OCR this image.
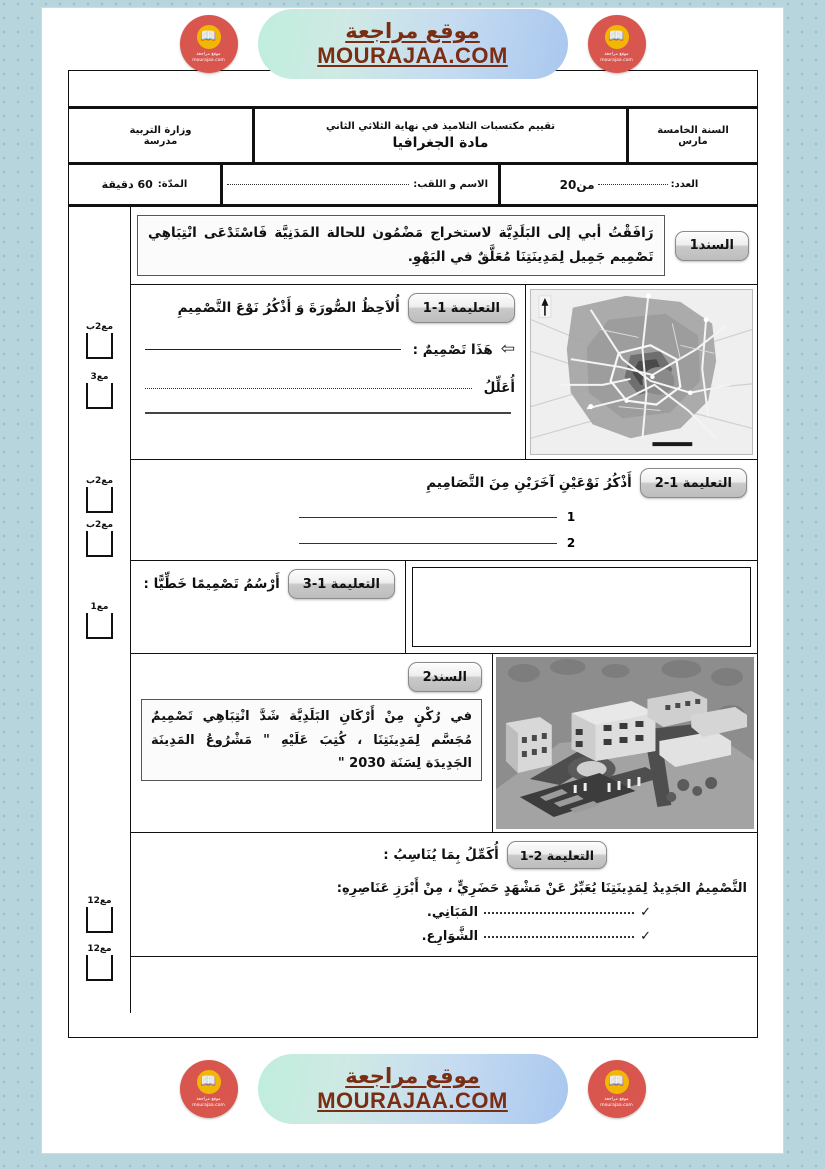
السنة الخامسة
مارس
تقييم مكتسبات التلاميذ في نهاية الثلاثي الثاني
مادة الجغرافيا
وزارة التربية
مدرسة
العدد:
من20
الاسم و اللقب:
المدّة:
60 دقيقة
السند1
رَافَقْتُ أبي إلى البَلَدِيَّة لاستخراج مَضْمُون للحالة المَدَنِيَّة فَاسْتَدْعَى انْتِبَاهِي تَصْمِيم جَمِيل لِمَدِينَتِنَا مُعَلَّقٌ في البَهْوِ.
التعليمة 1-1
أُلاَحِظُ الصُّورَةَ وَ أَذْكُرُ نَوْعَ التَّصْمِيمِ
⇦
هَذَا تَصْمِيمٌ :
أُعَلِّلُ
التعليمة 1-2
أَذْكُرُ نَوْعَيْنِ آخَرَيْنِ مِنَ التَّصَامِيمِ
1
2
التعليمة 1-3
أَرْسُمُ تَصْمِيمًا خَطِّيًّا :
السند2
في رُكْنٍ مِنْ أَرْكَانِ البَلَدِيَّة شَدَّ انْتِبَاهِي تَصْمِيمٌ مُجَسَّم لِمَدِينَتِنَا ، كُتِبَ عَلَيْهِ " مَشْرُوعُ المَدِينَة الجَدِيدَة لِسَنَة 2030 "
التعليمة 2-1
أُكَمِّلُ بِمَا يُنَاسِبُ :
التَّصْمِيمُ الجَدِيدُ لِمَدِينَتِنَا يُعَبِّرُ عَنْ مَشْهَدٍ حَضَرِيٍّ ، مِنْ أَبْرَزِ عَنَاصِرِهِ:
✓
المَبَانِي.
✓
الشَّوَارِع.
مع2ب
مع3
مع2ب
مع2ب
مع1
مع12
مع12
📖
موقع مراجعة mourajaa.com
موقع مراجعة
MOURAJAA.COM
📖
موقع مراجعة mourajaa.com
📖
موقع مراجعة mourajaa.com
موقع مراجعة
MOURAJAA.COM
📖
موقع مراجعة mourajaa.com
